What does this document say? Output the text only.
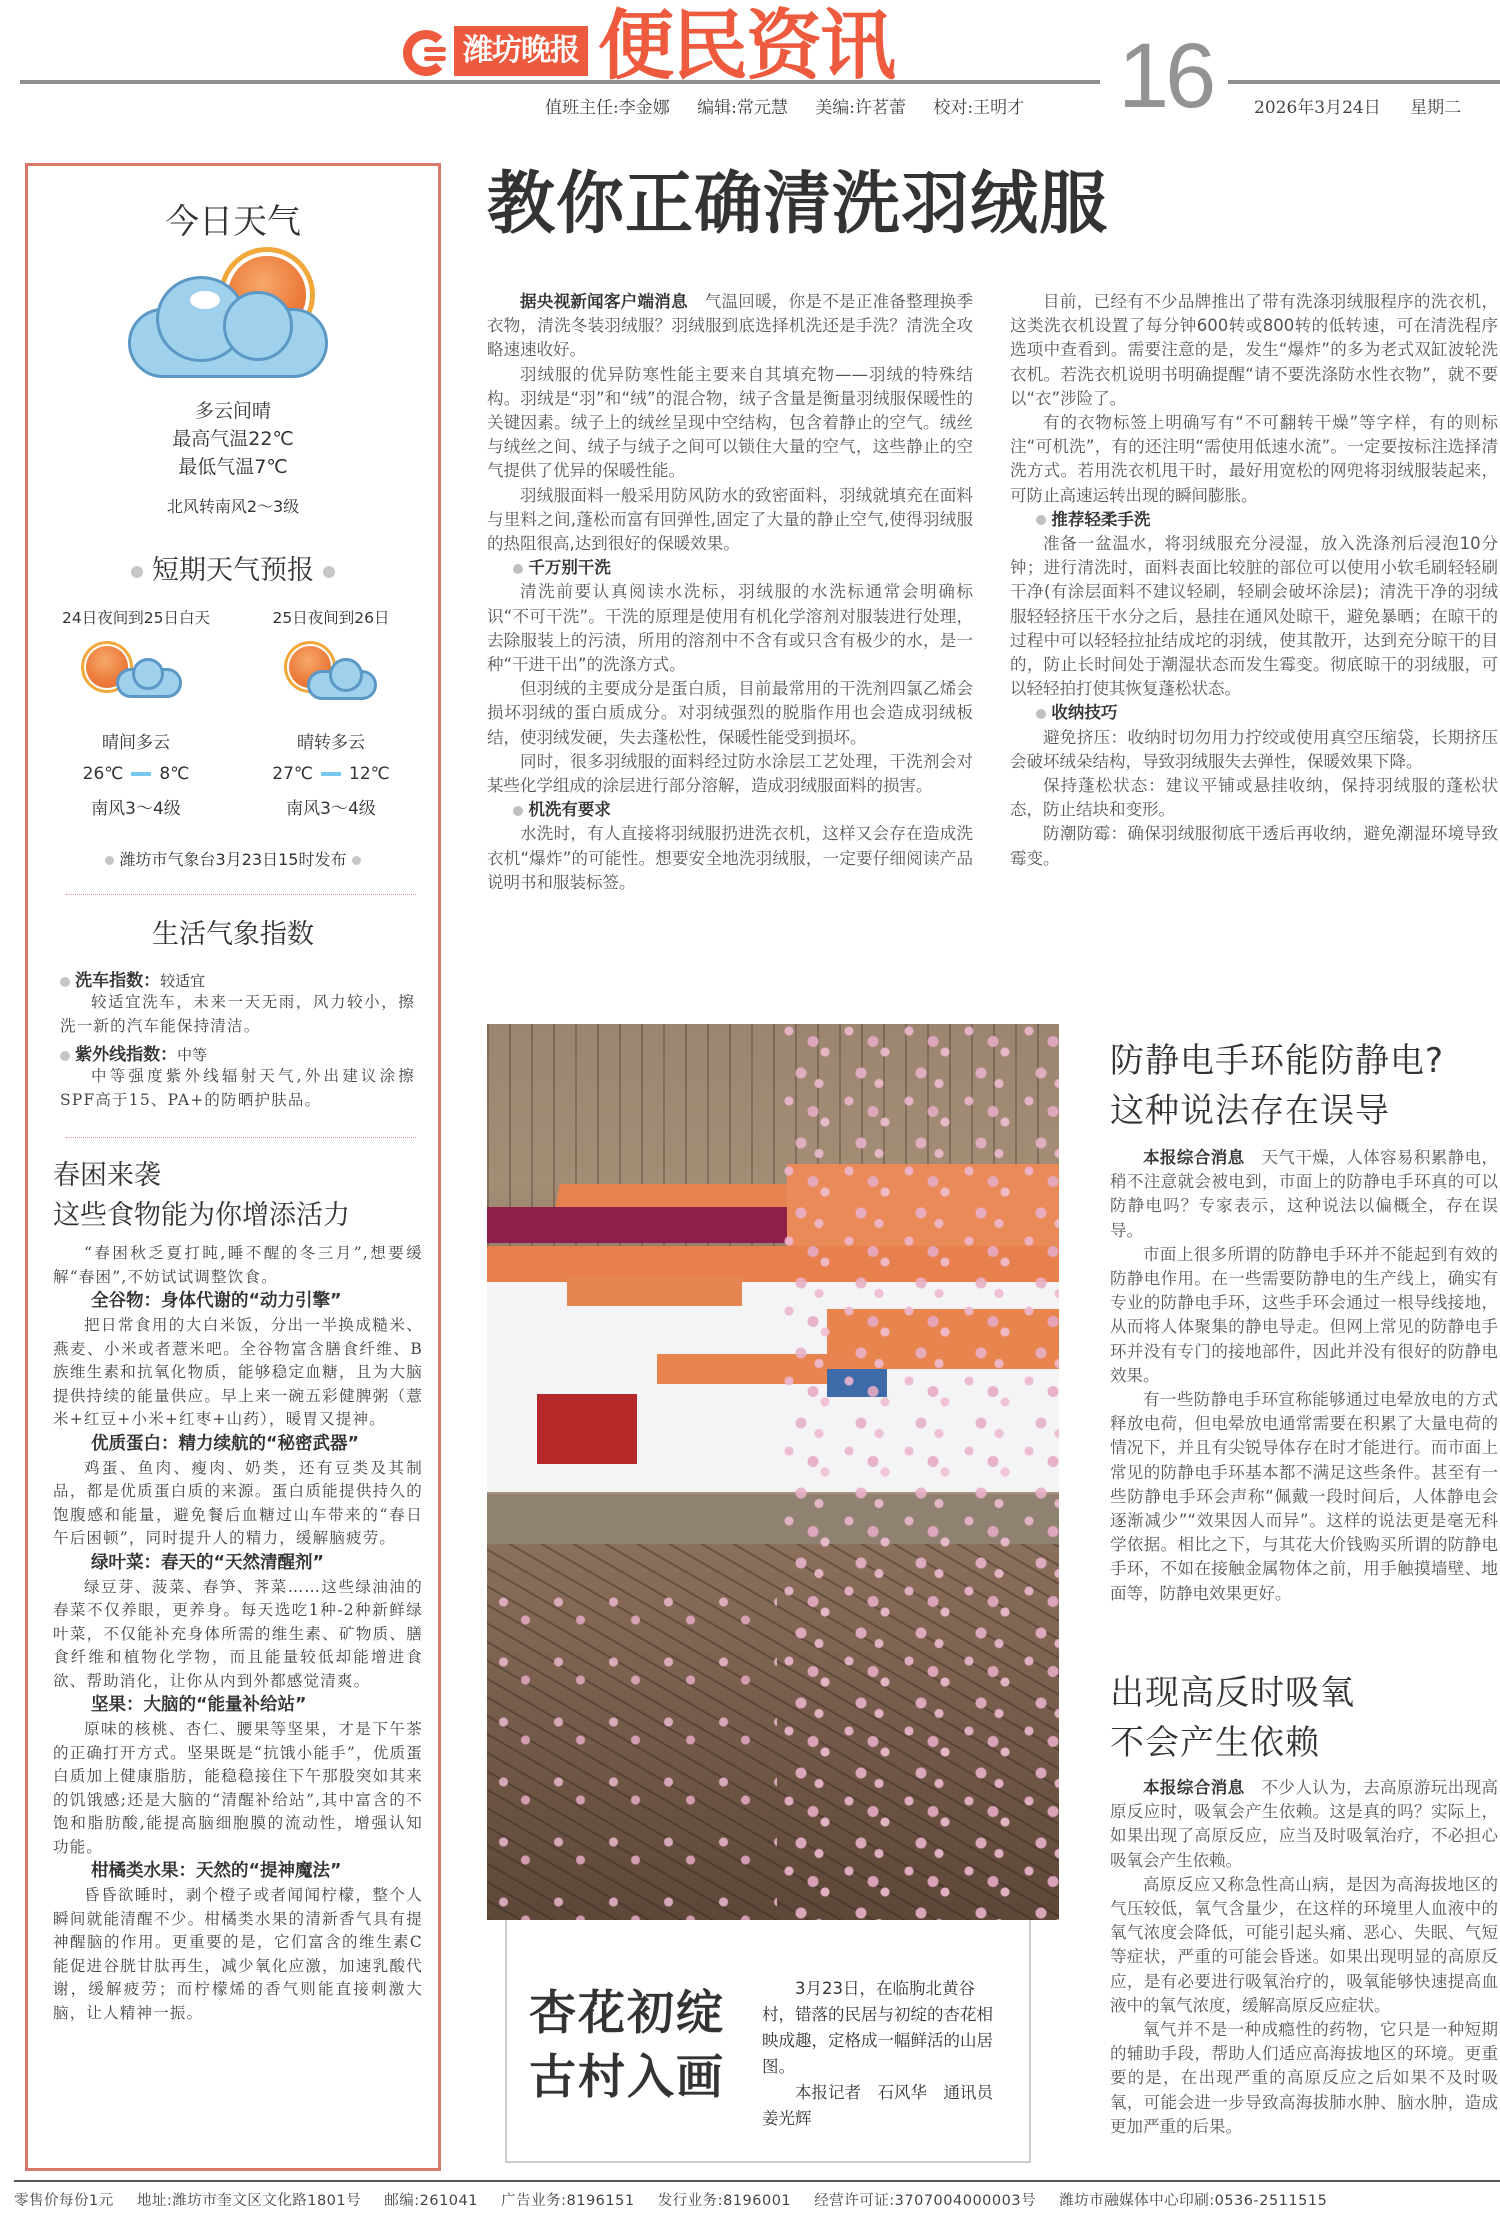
潍坊晚报 便民资讯 16
值班主任:李金娜 编辑:常元慧 美编:许茗蕾 校对:王明才	2026年3月24日 星期二
今日天气
多云间晴
最高气温22℃
最低气温7℃
北风转南风2～3级
短期天气预报
24日夜间到25日白天
晴间多云
26℃ 8℃
南风3～4级
25日夜间到26日
晴转多云
27℃ 12℃
南风3～4级
潍坊市气象台3月23日15时发布
生活气象指数
洗车指数：较适宜

较适宜洗车，未来一天无雨，风力较小，擦洗一新的汽车能保持清洁。

紫外线指数：中等

中等强度紫外线辐射天气,外出建议涂擦SPF高于15、PA+的防晒护肤品。

春困来袭
这些食物能为你增添活力

“春困秋乏夏打盹,睡不醒的冬三月”,想要缓解“春困”,不妨试试调整饮食。

全谷物：身体代谢的“动力引擎”

把日常食用的大白米饭，分出一半换成糙米、燕麦、小米或者薏米吧。全谷物富含膳食纤维、B族维生素和抗氧化物质，能够稳定血糖，且为大脑提供持续的能量供应。早上来一碗五彩健脾粥（薏米+红豆+小米+红枣+山药），暖胃又提神。

优质蛋白：精力续航的“秘密武器”

鸡蛋、鱼肉、瘦肉、奶类，还有豆类及其制品，都是优质蛋白质的来源。蛋白质能提供持久的饱腹感和能量，避免餐后血糖过山车带来的“春日午后困顿”，同时提升人的精力，缓解脑疲劳。

绿叶菜：春天的“天然清醒剂”

绿豆芽、菠菜、春笋、荠菜……这些绿油油的春菜不仅养眼，更养身。每天选吃1种-2种新鲜绿叶菜，不仅能补充身体所需的维生素、矿物质、膳食纤维和植物化学物，而且能量较低却能增进食欲、帮助消化，让你从内到外都感觉清爽。

坚果：大脑的“能量补给站”

原味的核桃、杏仁、腰果等坚果，才是下午茶的正确打开方式。坚果既是“抗饿小能手”，优质蛋白质加上健康脂肪，能稳稳接住下午那股突如其来的饥饿感;还是大脑的“清醒补给站”,其中富含的不饱和脂肪酸,能提高脑细胞膜的流动性，增强认知功能。

柑橘类水果：天然的“提神魔法”

昏昏欲睡时，剥个橙子或者闻闻柠檬，整个人瞬间就能清醒不少。柑橘类水果的清新香气具有提神醒脑的作用。更重要的是，它们富含的维生素C能促进谷胱甘肽再生，减少氧化应激，加速乳酸代谢，缓解疲劳；而柠檬烯的香气则能直接刺激大脑，让人精神一振。

教你正确清洗羽绒服

据央视新闻客户端消息　 气温回暖，你是不是正准备整理换季衣物，清洗冬装羽绒服？羽绒服到底选择机洗还是手洗？清洗全攻略速速收好。

羽绒服的优异防寒性能主要来自其填充物——羽绒的特殊结构。羽绒是“羽”和“绒”的混合物，绒子含量是衡量羽绒服保暖性的关键因素。绒子上的绒丝呈现中空结构，包含着静止的空气。绒丝与绒丝之间、绒子与绒子之间可以锁住大量的空气，这些静止的空气提供了优异的保暖性能。

羽绒服面料一般采用防风防水的致密面料，羽绒就填充在面料与里料之间,蓬松而富有回弹性,固定了大量的静止空气,使得羽绒服的热阻很高,达到很好的保暖效果。

千万别干洗

清洗前要认真阅读水洗标，羽绒服的水洗标通常会明确标识“不可干洗”。干洗的原理是使用有机化学溶剂对服装进行处理，去除服装上的污渍，所用的溶剂中不含有或只含有极少的水，是一种“干进干出”的洗涤方式。

但羽绒的主要成分是蛋白质，目前最常用的干洗剂四氯乙烯会损坏羽绒的蛋白质成分。对羽绒强烈的脱脂作用也会造成羽绒板结，使羽绒发硬，失去蓬松性，保暖性能受到损坏。

同时，很多羽绒服的面料经过防水涂层工艺处理，干洗剂会对某些化学组成的涂层进行部分溶解，造成羽绒服面料的损害。

机洗有要求

水洗时，有人直接将羽绒服扔进洗衣机，这样又会存在造成洗衣机“爆炸”的可能性。想要安全地洗羽绒服，一定要仔细阅读产品说明书和服装标签。

目前，已经有不少品牌推出了带有洗涤羽绒服程序的洗衣机，这类洗衣机设置了每分钟600转或800转的低转速，可在清洗程序选项中查看到。需要注意的是，发生“爆炸”的多为老式双缸波轮洗衣机。若洗衣机说明书明确提醒“请不要洗涤防水性衣物”，就不要以“衣”涉险了。

有的衣物标签上明确写有“不可翻转干燥”等字样，有的则标注“可机洗”，有的还注明“需使用低速水流”。一定要按标注选择清洗方式。若用洗衣机甩干时，最好用宽松的网兜将羽绒服装起来，可防止高速运转出现的瞬间膨胀。

推荐轻柔手洗

准备一盆温水，将羽绒服充分浸湿，放入洗涤剂后浸泡10分钟；进行清洗时，面料表面比较脏的部位可以使用小软毛刷轻轻刷干净(有涂层面料不建议轻刷，轻刷会破坏涂层)；清洗干净的羽绒服轻轻挤压干水分之后，悬挂在通风处晾干，避免暴晒；在晾干的过程中可以轻轻拉扯结成坨的羽绒，使其散开，达到充分晾干的目的，防止长时间处于潮湿状态而发生霉变。彻底晾干的羽绒服，可以轻轻拍打使其恢复蓬松状态。

收纳技巧

避免挤压：收纳时切勿用力拧绞或使用真空压缩袋，长期挤压会破坏绒朵结构，导致羽绒服失去弹性，保暖效果下降。

保持蓬松状态：建议平铺或悬挂收纳，保持羽绒服的蓬松状态，防止结块和变形。

防潮防霉：确保羽绒服彻底干透后再收纳，避免潮湿环境导致霉变。

杏花初绽
古村入画

3月23日，在临朐北黄谷村，错落的民居与初绽的杏花相映成趣，定格成一幅鲜活的山居图。

本报记者　石风华　通讯员　姜光辉

防静电手环能防静电?
这种说法存在误导

本报综合消息　 天气干燥，人体容易积累静电，稍不注意就会被电到，市面上的防静电手环真的可以防静电吗？专家表示，这种说法以偏概全，存在误导。

市面上很多所谓的防静电手环并不能起到有效的防静电作用。在一些需要防静电的生产线上，确实有专业的防静电手环，这些手环会通过一根导线接地，从而将人体聚集的静电导走。但网上常见的防静电手环并没有专门的接地部件，因此并没有很好的防静电效果。

有一些防静电手环宣称能够通过电晕放电的方式释放电荷，但电晕放电通常需要在积累了大量电荷的情况下，并且有尖锐导体存在时才能进行。而市面上常见的防静电手环基本都不满足这些条件。甚至有一些防静电手环会声称“佩戴一段时间后，人体静电会逐渐减少”“效果因人而异”。这样的说法更是毫无科学依据。相比之下，与其花大价钱购买所谓的防静电手环，不如在接触金属物体之前，用手触摸墙壁、地面等，防静电效果更好。

出现高反时吸氧
不会产生依赖

本报综合消息　 不少人认为，去高原游玩出现高原反应时，吸氧会产生依赖。这是真的吗？实际上，如果出现了高原反应，应当及时吸氧治疗，不必担心吸氧会产生依赖。

高原反应又称急性高山病，是因为高海拔地区的气压较低，氧气含量少，在这样的环境里人血液中的氧气浓度会降低，可能引起头痛、恶心、失眠、气短等症状，严重的可能会昏迷。如果出现明显的高原反应，是有必要进行吸氧治疗的，吸氧能够快速提高血液中的氧气浓度，缓解高原反应症状。

氧气并不是一种成瘾性的药物，它只是一种短期的辅助手段，帮助人们适应高海拔地区的环境。更重要的是，在出现严重的高原反应之后如果不及时吸氧，可能会进一步导致高海拔肺水肿、脑水肿，造成更加严重的后果。

零售价每份1元 地址:潍坊市奎文区文化路1801号 邮编:261041 广告业务:8196151 发行业务:8196001 经营许可证:3707004000003号 潍坊市融媒体中心印刷:0536-2511515
